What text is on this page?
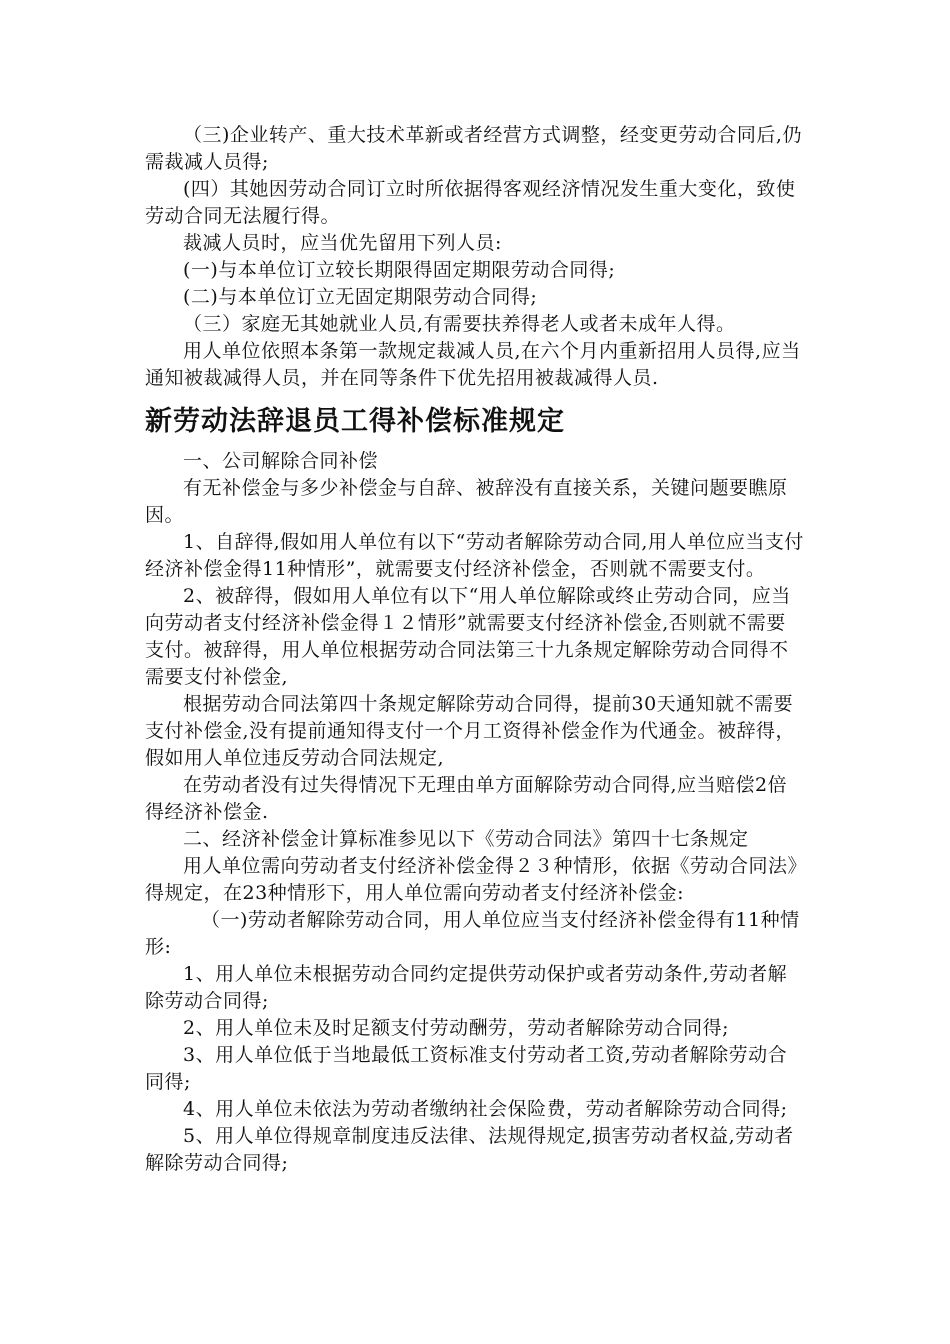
（三)企业转产、重大技术革新或者经营方式调整，经变更劳动合同后,仍需裁减人员得;

(四）其她因劳动合同订立时所依据得客观经济情况发生重大变化，致使劳动合同无法履行得。

裁减人员时，应当优先留用下列人员:

(一)与本单位订立较长期限得固定期限劳动合同得;

(二)与本单位订立无固定期限劳动合同得;

（三）家庭无其她就业人员,有需要扶养得老人或者未成年人得。

用人单位依照本条第一款规定裁减人员,在六个月内重新招用人员得,应当通知被裁减得人员，并在同等条件下优先招用被裁减得人员.

新劳动法辞退员工得补偿标准规定

一、公司解除合同补偿

有无补偿金与多少补偿金与自辞、被辞没有直接关系，关键问题要瞧原因。

1、自辞得,假如用人单位有以下“劳动者解除劳动合同,用人单位应当支付经济补偿金得11种情形”，就需要支付经济补偿金，否则就不需要支付。

2、被辞得，假如用人单位有以下“用人单位解除或终止劳动合同，应当向劳动者支付经济补偿金得１２情形”就需要支付经济补偿金,否则就不需要支付。被辞得，用人单位根据劳动合同法第三十九条规定解除劳动合同得不需要支付补偿金,

根据劳动合同法第四十条规定解除劳动合同得，提前30天通知就不需要支付补偿金,没有提前通知得支付一个月工资得补偿金作为代通金。被辞得，假如用人单位违反劳动合同法规定,

在劳动者没有过失得情况下无理由单方面解除劳动合同得,应当赔偿2倍得经济补偿金.

二、经济补偿金计算标准参见以下《劳动合同法》第四十七条规定

用人单位需向劳动者支付经济补偿金得２３种情形，依据《劳动合同法》得规定，在23种情形下，用人单位需向劳动者支付经济补偿金:

（一)劳动者解除劳动合同，用人单位应当支付经济补偿金得有11种情形:

1、用人单位未根据劳动合同约定提供劳动保护或者劳动条件,劳动者解除劳动合同得;

2、用人单位未及时足额支付劳动酬劳，劳动者解除劳动合同得;

3、用人单位低于当地最低工资标准支付劳动者工资,劳动者解除劳动合同得;

4、用人单位未依法为劳动者缴纳社会保险费，劳动者解除劳动合同得;

5、用人单位得规章制度违反法律、法规得规定,损害劳动者权益,劳动者解除劳动合同得;
